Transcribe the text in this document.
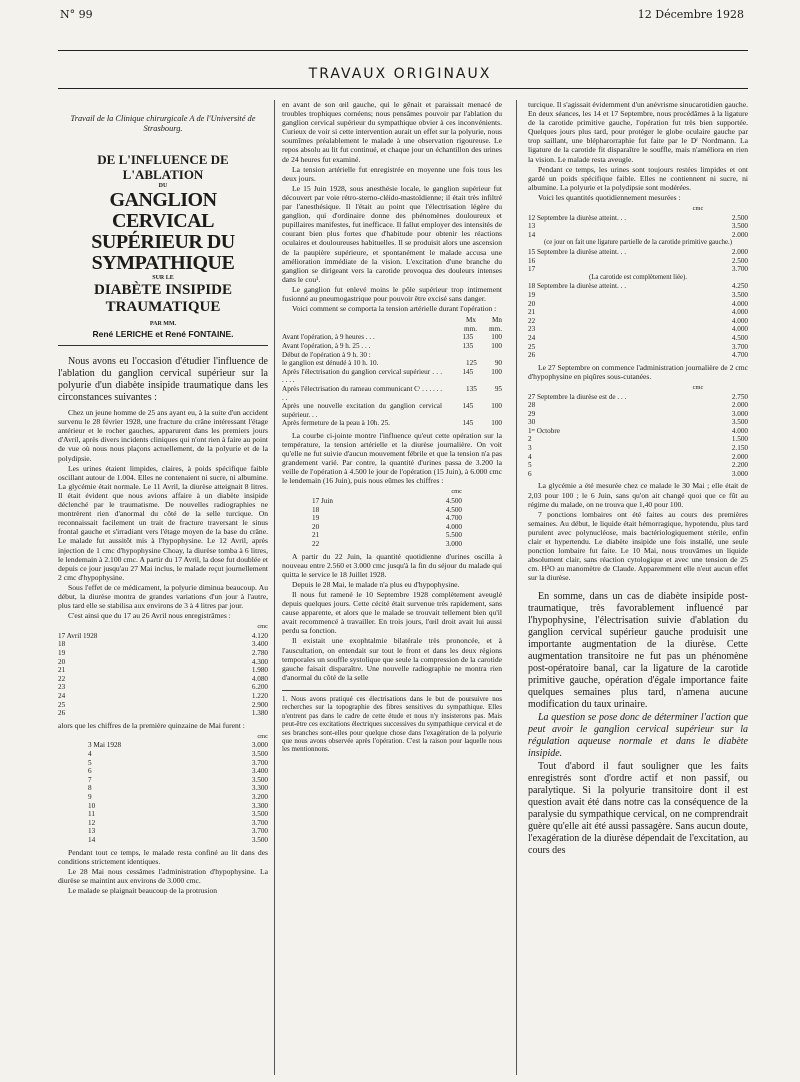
N° 99	12 Décembre 1928
TRAVAUX ORIGINAUX
Travail de la Clinique chirurgicale A de l'Université de Strasbourg.
DE L'INFLUENCE DE L'ABLATION
DU
GANGLION CERVICAL SUPÉRIEUR DU SYMPATHIQUE
SUR LE
DIABÈTE INSIPIDE TRAUMATIQUE
PAR MM.
René LERICHE et René FONTAINE.

Nous avons eu l'occasion d'étudier l'influence de l'ablation du ganglion cervical supérieur sur la polyurie d'un diabète insipide traumatique dans les circonstances suivantes :

Chez un jeune homme de 25 ans ayant eu, à la suite d'un accident survenu le 28 février 1928, une fracture du crâne intéressant l'étage antérieur et le rocher gauches, apparurent dans les premiers jours d'Avril, après divers incidents cliniques qui n'ont rien à faire au point de vue où nous nous plaçons actuellement, de la polyurie et de la polydipsie.

Les urines étaient limpides, claires, à poids spécifique faible oscillant autour de 1.004. Elles ne contenaient ni sucre, ni albumine. La glycémie était normale. Le 11 Avril, la diurèse atteignait 8 litres. Il était évident que nous avions affaire à un diabète insipide déclenché par le traumatisme. De nouvelles radiographies ne montrèrent rien d'anormal du côté de la selle turcique. On reconnaissait facilement un trait de fracture traversant le sinus frontal gauche et s'irradiant vers l'étage moyen de la base du crâne. Le malade fut aussitôt mis à l'hypophysine. Le 12 Avril, après injection de 1 cmc d'hypophysine Choay, la diurèse tomba à 6 litres, le lendemain à 2.100 cmc. A partir du 17 Avril, la dose fut doublée et depuis ce jour jusqu'au 27 Mai inclus, le malade reçut journellement 2 cmc d'hypophysine.

Sous l'effet de ce médicament, la polyurie diminua beaucoup. Au début, la diurèse montra de grandes variations d'un jour à l'autre, plus tard elle se stabilisa aux environs de 3 à 4 litres par jour.

C'est ainsi que du 17 au 26 Avril nous enregistrâmes :

cmc
17 Avril 1928	4.120
18	3.400
19	2.780
20	4.300
21	1.980
22	4.080
23	6.200
24	1.220
25	2.900
26	1.380

alors que les chiffres de la première quinzaine de Mai furent :

cmc
3 Mai 1928	3.000
4	3.500
5	3.700
6	3.400
7	3.500
8	3.300
9	3.200
10	3.300
11	3.500
12	3.700
13	3.700
14	3.500

Pendant tout ce temps, le malade resta confiné au lit dans des conditions strictement identiques.

Le 28 Mai nous cessâmes l'administration d'hypophysine. La diurèse se maintint aux environs de 3.000 cmc.

Le malade se plaignait beaucoup de la protrusion

en avant de son œil gauche, qui le gênait et paraissait menacé de troubles trophiques cornéens; nous pensâmes pouvoir par l'ablation du ganglion cervical supérieur du sympathique obvier à ces inconvénients. Curieux de voir si cette intervention aurait un effet sur la polyurie, nous soumîmes préalablement le malade à une observation rigoureuse. Le repos absolu au lit fut continué, et chaque jour un échantillon des urines de 24 heures fut examiné.

La tension artérielle fut enregistrée en moyenne une fois tous les deux jours.

Le 15 Juin 1928, sous anesthésie locale, le ganglion supérieur fut découvert par voie rétro-sterno-cléido-mastoïdienne; il était très infiltré par l'anesthésique. Il l'était au point que l'électrisation légère du ganglion, qui d'ordinaire donne des phénomènes douloureux et pupillaires manifestes, fut inefficace. Il fallut employer des intensités de courant bien plus fortes que d'habitude pour obtenir les réactions oculaires et douloureuses habituelles. Il se produisit alors une ascension de la paupière supérieure, et spontanément le malade accusa une amélioration immédiate de la vision. L'excitation d'une branche du ganglion se dirigeant vers la carotide provoqua des douleurs intenses dans le cou¹.

Le ganglion fut enlevé moins le pôle supérieur trop intimement fusionné au pneumogastrique pour pouvoir être excisé sans danger.

Voici comment se comporta la tension artérielle durant l'opération :

Mx Mn
mm. mm.
Avant l'opération, à 9 heures . . .	135	100
Avant l'opération, à 9 h. 25 . . .	135	100
Début de l'opération à 9 h. 30 :
le ganglion est dénudé à 10 h. 10.	125	90
Après l'électrisation du ganglion cervical supérieur . . . . . . .
145	100
Après l'électrisation du rameau communicant Cᵗ . . . . . . . .
135	95
Après une nouvelle excitation du ganglion cervical supérieur. . .
145	100
Après fermeture de la peau à 10h. 25.	145	100

La courbe ci-jointe montre l'influence qu'eut cette opération sur la température, la tension artérielle et la diurèse journalière. On voit qu'elle ne fut suivie d'aucun mouvement fébrile et que la tension n'a pas grandement varié. Par contre, la quantité d'urines passa de 3.200 la veille de l'opération à 4.500 le jour de l'opération (15 Juin), à 6.000 cmc le lendemain (16 Juin), puis nous eûmes les chiffres :

cmc
17 Juin	4.500
18	4.500
19	4.700
20	4.000
21	5.500
22	3.000

A partir du 22 Juin, la quantité quotidienne d'urines oscilla à nouveau entre 2.560 et 3.000 cmc jusqu'à la fin du séjour du malade qui quitta le service le 18 Juillet 1928.

Depuis le 28 Mai, le malade n'a plus eu d'hypophysine.

Il nous fut ramené le 10 Septembre 1928 complètement aveuglé depuis quelques jours. Cette cécité était survenue très rapidement, sans cause apparente, et alors que le malade se trouvait tellement bien qu'il avait recommencé à travailler. En trois jours, l'œil droit avait lui aussi perdu sa fonction.

Il existait une exophtalmie bilatérale très prononcée, et à l'auscultation, on entendait sur tout le front et dans les deux régions temporales un souffle systolique que seule la compression de la carotide gauche faisait disparaître. Une nouvelle radiographie ne montra rien d'anormal du côté de la selle

1. Nous avons pratiqué ces électrisations dans le but de poursuivre nos recherches sur la topographie des fibres sensitives du sympathique. Elles n'entrent pas dans le cadre de cette étude et nous n'y insisterons pas. Mais peut-être ces excitations électriques successives du sympathique cervical et de ses branches sont-elles pour quelque chose dans l'exagération de la polyurie que nous avons observée après l'opération. C'est la raison pour laquelle nous les mentionnons.

turcique. Il s'agissait évidemment d'un anévrisme sinucarotidien gauche. En deux séances, les 14 et 17 Septembre, nous procédâmes à la ligature de la carotide primitive gauche, l'opération fut très bien supportée. Quelques jours plus tard, pour protéger le globe oculaire gauche par trop saillant, une blépharorraphie fut faite par le Dʳ Nordmann. La ligature de la carotide fit disparaître le souffle, mais n'améliora en rien la vision. Le malade resta aveugle.

Pendant ce temps, les urines sont toujours restées limpides et ont gardé un poids spécifique faible. Elles ne contiennent ni sucre, ni albumine. La polyurie et la polydipsie sont modérées.

Voici les quantités quotidiennement mesurées :

cmc
12 Septembre la diurèse atteint. . .	2.500
13	3.500
14	2.000
(ce jour on fait une ligature partielle de la carotide primitive gauche.)
15 Septembre la diurèse atteint. . .	2.000
16	2.500
17	3.700
(La carotide est complètement liée).
18 Septembre la diurèse atteint. . .	4.250
19	3.500
20	4.000
21	4.000
22	4.000
23	4.000
24	4.500
25	3.700
26	4.700

Le 27 Septembre on commence l'administration journalière de 2 cmc d'hypophysine en piqûres sous-cutanées.

cmc
27 Septembre la diurèse est de . . .	2.750
28	2.000
29	3.000
30	3.500
1ᵉʳ Octobre	4.000
2	1.500
3	2.150
4	2.000
5	2.200
6	3.000

La glycémie a été mesurée chez ce malade le 30 Mai ; elle était de 2,03 pour 100 ; le 6 Juin, sans qu'on ait changé quoi que ce fût au régime du malade, on ne trouva que 1,40 pour 100.

7 ponctions lombaires ont été faites au cours des premières semaines. Au début, le liquide était hémorragique, hypotendu, plus tard purulent avec polynucléose, mais bactériologiquement stérile, enfin clair et hypertendu. Le diabète insipide une fois installé, une seule ponction lombaire fut faite. Le 10 Mai, nous trouvâmes un liquide absolument clair, sans réaction cytologique et avec une tension de 25 cm. H²O au manomètre de Claude. Apparemment elle n'eut aucun effet sur la diurèse.

En somme, dans un cas de diabète insipide post-traumatique, très favorablement influencé par l'hypophysine, l'électrisation suivie d'ablation du ganglion cervical supérieur gauche produisit une importante augmentation de la diurèse. Cette augmentation transitoire ne fut pas un phénomène post-opératoire banal, car la ligature de la carotide primitive gauche, opération d'égale importance faite quelques semaines plus tard, n'amena aucune modification du taux urinaire.

La question se pose donc de déterminer l'action que peut avoir le ganglion cervical supérieur sur la régulation aqueuse normale et dans le diabète insipide.

Tout d'abord il faut souligner que les faits enregistrés sont d'ordre actif et non passif, ou paralytique. Si la polyurie transitoire dont il est question avait été dans notre cas la conséquence de la paralysie du sympathique cervical, on ne comprendrait guère qu'elle ait été aussi passagère. Sans aucun doute, l'exagération de la diurèse dépendait de l'excitation, au cours des
